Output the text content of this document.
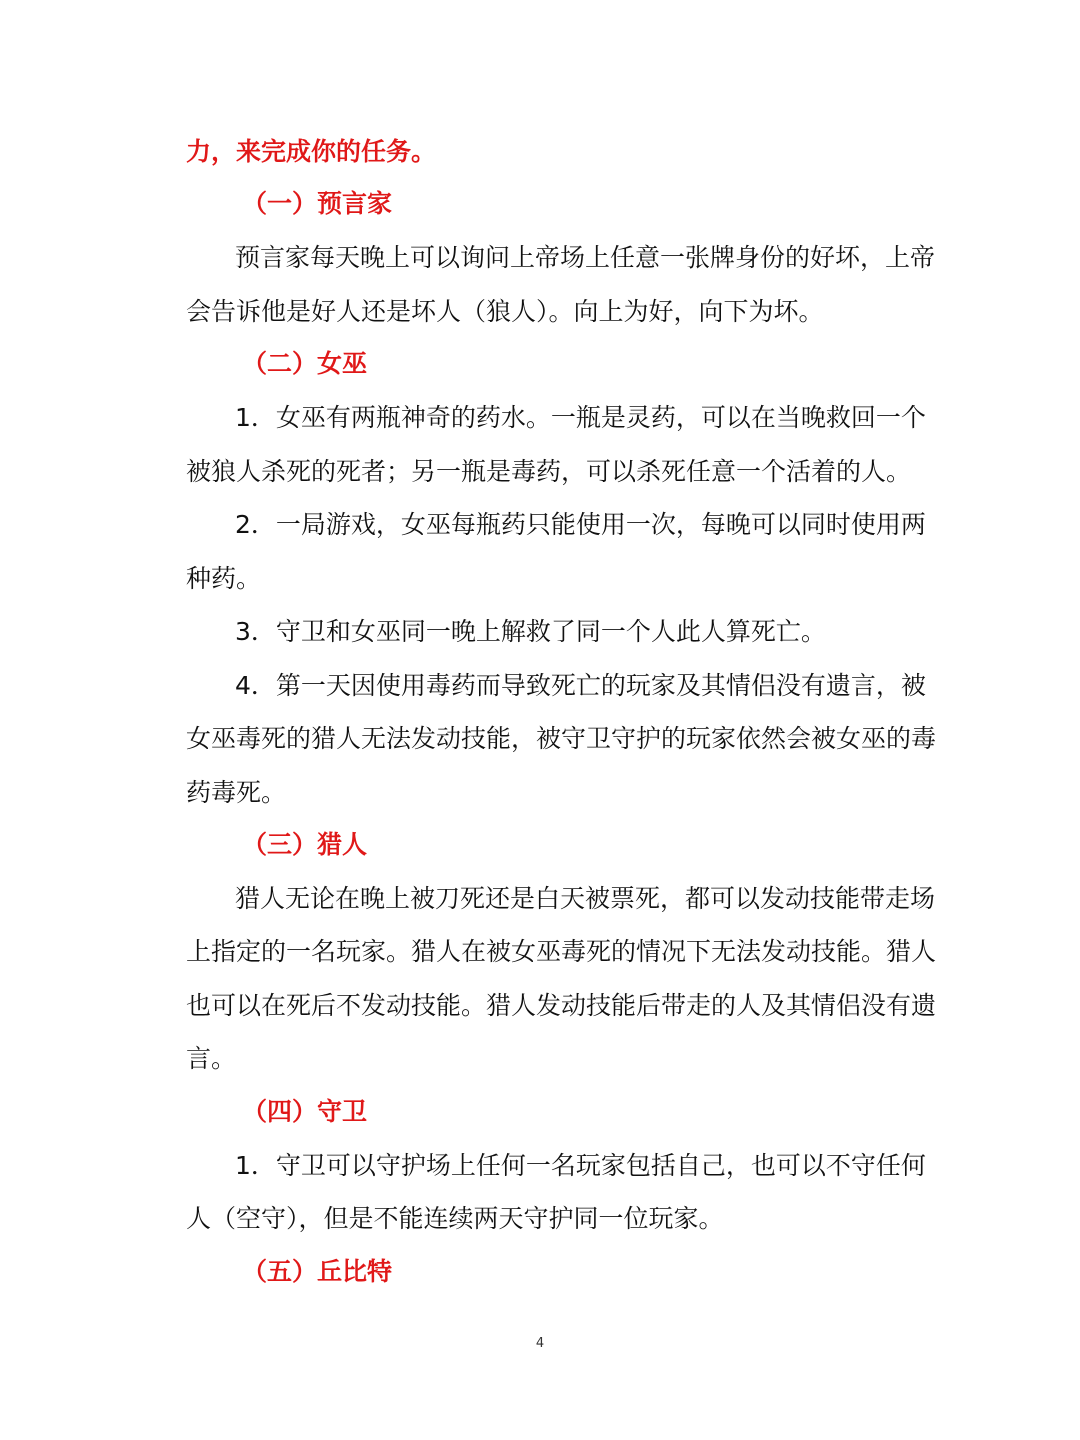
力，来完成你的任务。
（一）预言家
预言家每天晚上可以询问上帝场上任意一张牌身份的好坏，上帝
会告诉他是好人还是坏人（狼人）。向上为好，向下为坏。
（二）女巫
1．女巫有两瓶神奇的药水。一瓶是灵药，可以在当晚救回一个
被狼人杀死的死者；另一瓶是毒药，可以杀死任意一个活着的人。
2．一局游戏，女巫每瓶药只能使用一次，每晚可以同时使用两
种药。
3．守卫和女巫同一晚上解救了同一个人此人算死亡。
4．第一天因使用毒药而导致死亡的玩家及其情侣没有遗言，被
女巫毒死的猎人无法发动技能，被守卫守护的玩家依然会被女巫的毒
药毒死。
（三）猎人
猎人无论在晚上被刀死还是白天被票死，都可以发动技能带走场
上指定的一名玩家。猎人在被女巫毒死的情况下无法发动技能。猎人
也可以在死后不发动技能。猎人发动技能后带走的人及其情侣没有遗
言。
（四）守卫
1．守卫可以守护场上任何一名玩家包括自己，也可以不守任何
人（空守），但是不能连续两天守护同一位玩家。
（五）丘比特
4
